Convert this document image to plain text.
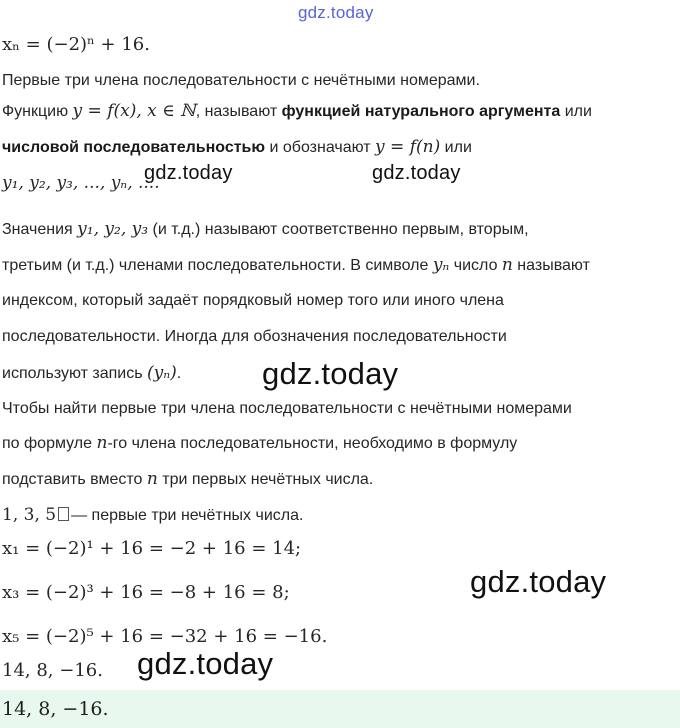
gdz.today
gdz.today	gdz.today
gdz.today
gdz.today
gdz.today
xₙ = (−2)ⁿ + 16.
Первые три члена последовательности с нечётными номерами.
Функцию y = f(x), x ∈ ℕ, называют функцией натурального аргумента или
числовой последовательностью и обозначают y = f(n) или
y₁, y₂, y₃, ..., yₙ, ....
Значения y₁, y₂, y₃ (и т.д.) называют соответственно первым, вторым,
третьим (и т.д.) членами последовательности. В символе yₙ число n называют
индексом, который задаёт порядковый номер того или иного члена
последовательности. Иногда для обозначения последовательности
используют запись (yₙ).
Чтобы найти первые три члена последовательности с нечётными номерами
по формуле n-го члена последовательности, необходимо в формулу
подставить вместо n три первых нечётных числа.
1, 3, 5 — первые три нечётных числа.
x₁ = (−2)¹ + 16 = −2 + 16 = 14;
x₃ = (−2)³ + 16 = −8 + 16 = 8;
x₅ = (−2)⁵ + 16 = −32 + 16 = −16.
14, 8, −16.
14, 8, −16.
